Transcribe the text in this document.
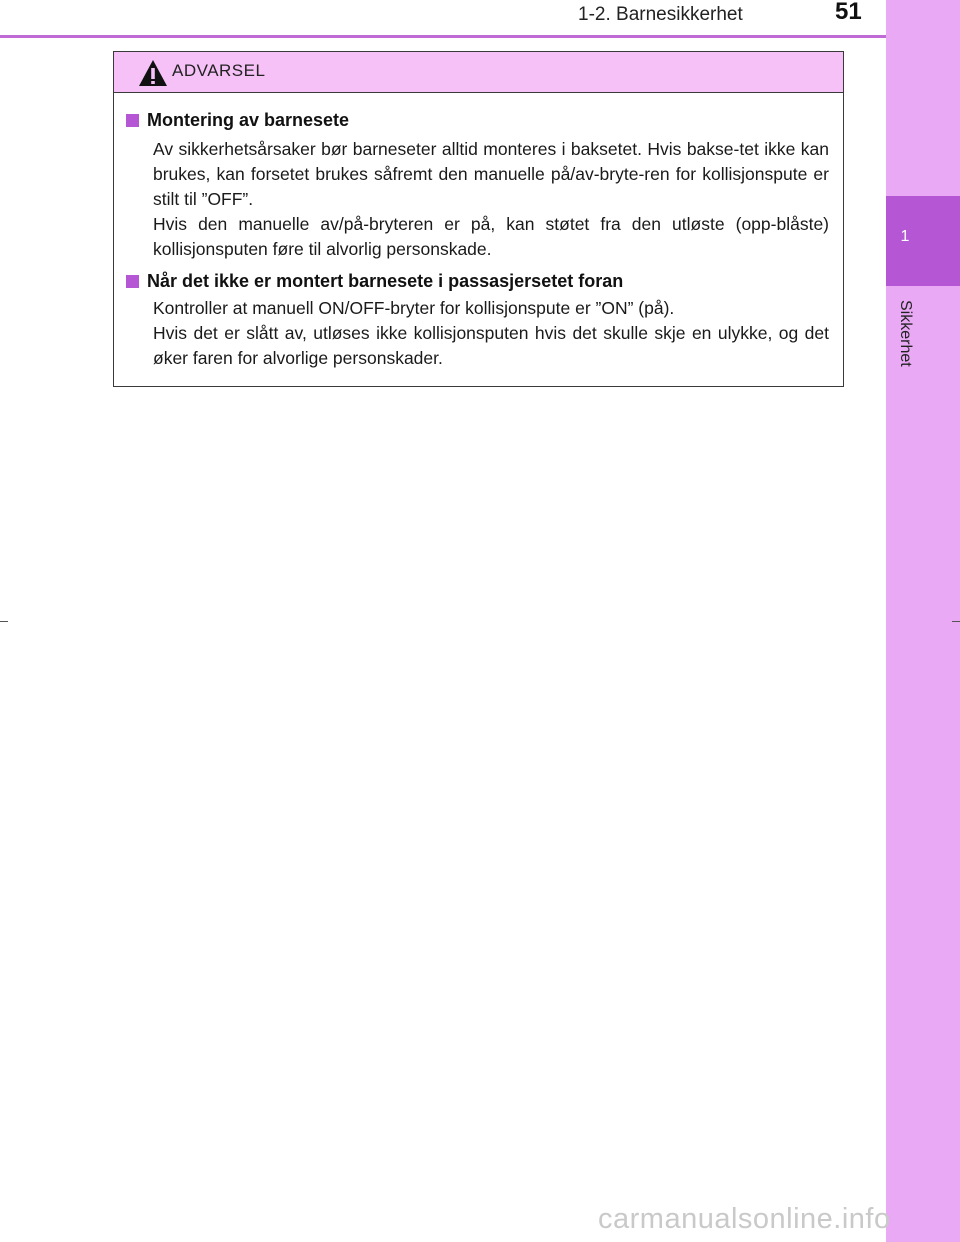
1-2. Barnesikkerhet	51
1
Sikkerhet
ADVARSEL
Montering av barnesete

Av sikkerhetsårsaker bør barneseter alltid monteres i baksetet. Hvis bakse-tet ikke kan brukes, kan forsetet brukes såfremt den manuelle på/av-bryte-ren for kollisjonspute er stilt til ”OFF”.

Hvis den manuelle av/på-bryteren er på, kan støtet fra den utløste (opp-blåste) kollisjonsputen føre til alvorlig personskade.

Når det ikke er montert barnesete i passasjersetet foran

Kontroller at manuell ON/OFF-bryter for kollisjonspute er ”ON” (på).

Hvis det er slått av, utløses ikke kollisjonsputen hvis det skulle skje en ulykke, og det øker faren for alvorlige personskader.

carmanualsonline.info
